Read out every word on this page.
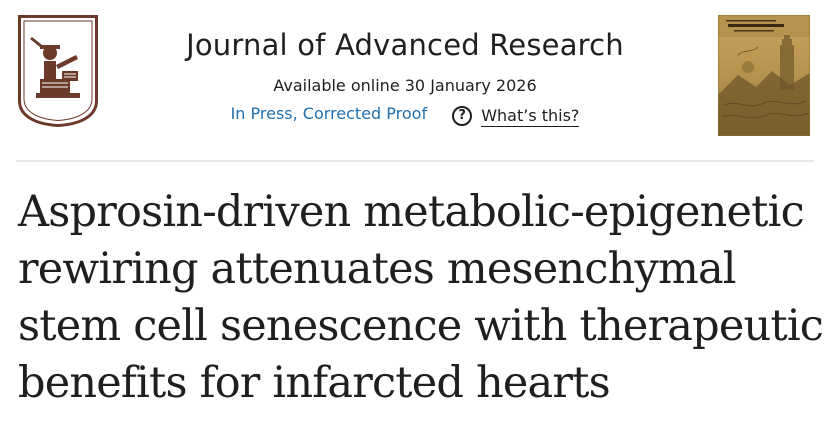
Journal of Advanced Research
Available online 30 January 2026
In Press, Corrected Proof	? What’s this?
Asprosin-driven metabolic-epigenetic
rewiring attenuates mesenchymal
stem cell senescence with therapeutic
benefits for infarcted hearts
